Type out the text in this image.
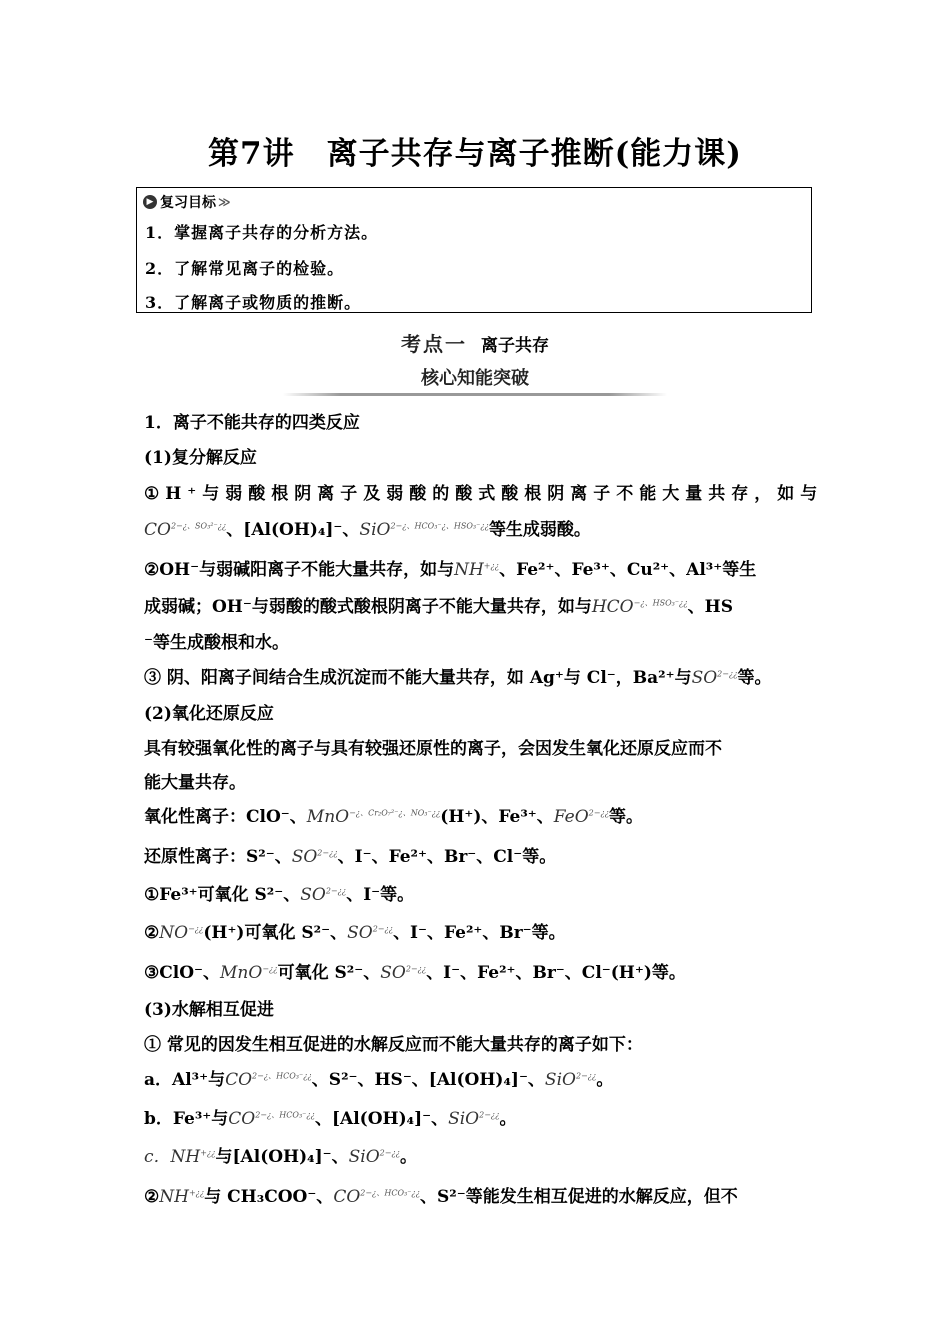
第7讲　离子共存与离子推断(能力课)
▶ 复习目标 ≫
1．掌握离子共存的分析方法。
2．了解常见离子的检验。
3．了解离子或物质的推断。
考点一 离子共存
核心知能突破
1．离子不能共存的四类反应
(1)复分解反应
①H⁺与弱酸根阴离子及弱酸的酸式酸根阴离子不能大量共存，如与
$CO^{2-¿、SO_3^{2-}¿¿}$、[Al(OH)₄]⁻、SiO$^{2-¿、HCO_3^-¿、HSO_3^-¿¿}$等生成弱酸。
②OH⁻与弱碱阳离子不能大量共存，如与NH+¿¿、Fe²⁺、Fe³⁺、Cu²⁺、Al³⁺等生
成弱碱；OH⁻与弱酸的酸式酸根阴离子不能大量共存，如与$HCO^{-¿、HSO_3^-¿¿}$、HS
⁻等生成酸根和水。
③ 阴、阳离子间结合生成沉淀而不能大量共存，如 Ag⁺与 Cl⁻，Ba²⁺与$SO^{2-¿¿}$等。
(2)氧化还原反应
具有较强氧化性的离子与具有较强还原性的离子，会因发生氧化还原反应而不
能大量共存。
氧化性离子：ClO⁻、MnO$^{-¿、Cr_2O_7^{2-}¿、NO_3^-¿¿}$(H⁺)、Fe³⁺、FeO$^{2-¿¿}$等。
还原性离子：S²⁻、$SO^{2-¿¿}$、I⁻、Fe²⁺、Br⁻、Cl⁻等。
①Fe³⁺可氧化 S²⁻、$SO^{2-¿¿}$、I⁻等。
②NO−¿¿(H⁺)可氧化 S²⁻、$SO^{2-¿¿}$、I⁻、Fe²⁺、Br⁻等。
③ClO⁻、MnO−¿¿可氧化 S²⁻、$SO^{2-¿¿}$、I⁻、Fe²⁺、Br⁻、Cl⁻(H⁺)等。
(3)水解相互促进
① 常见的因发生相互促进的水解反应而不能大量共存的离子如下：
a．Al³⁺与$CO^{2-¿、HCO_3^-¿¿}$、S²⁻、HS⁻、[Al(OH)₄]⁻、SiO$^{2-¿¿}$。
b．Fe³⁺与$CO^{2-¿、HCO_3^-¿¿}$、[Al(OH)₄]⁻、SiO$^{2-¿¿}$。
c．NH+¿¿与[Al(OH)₄]⁻、SiO$^{2-¿¿}$。
②NH+¿¿与 CH₃COO⁻、$CO^{2-¿、HCO_3^-¿¿}$、S²⁻等能发生相互促进的水解反应，但不
